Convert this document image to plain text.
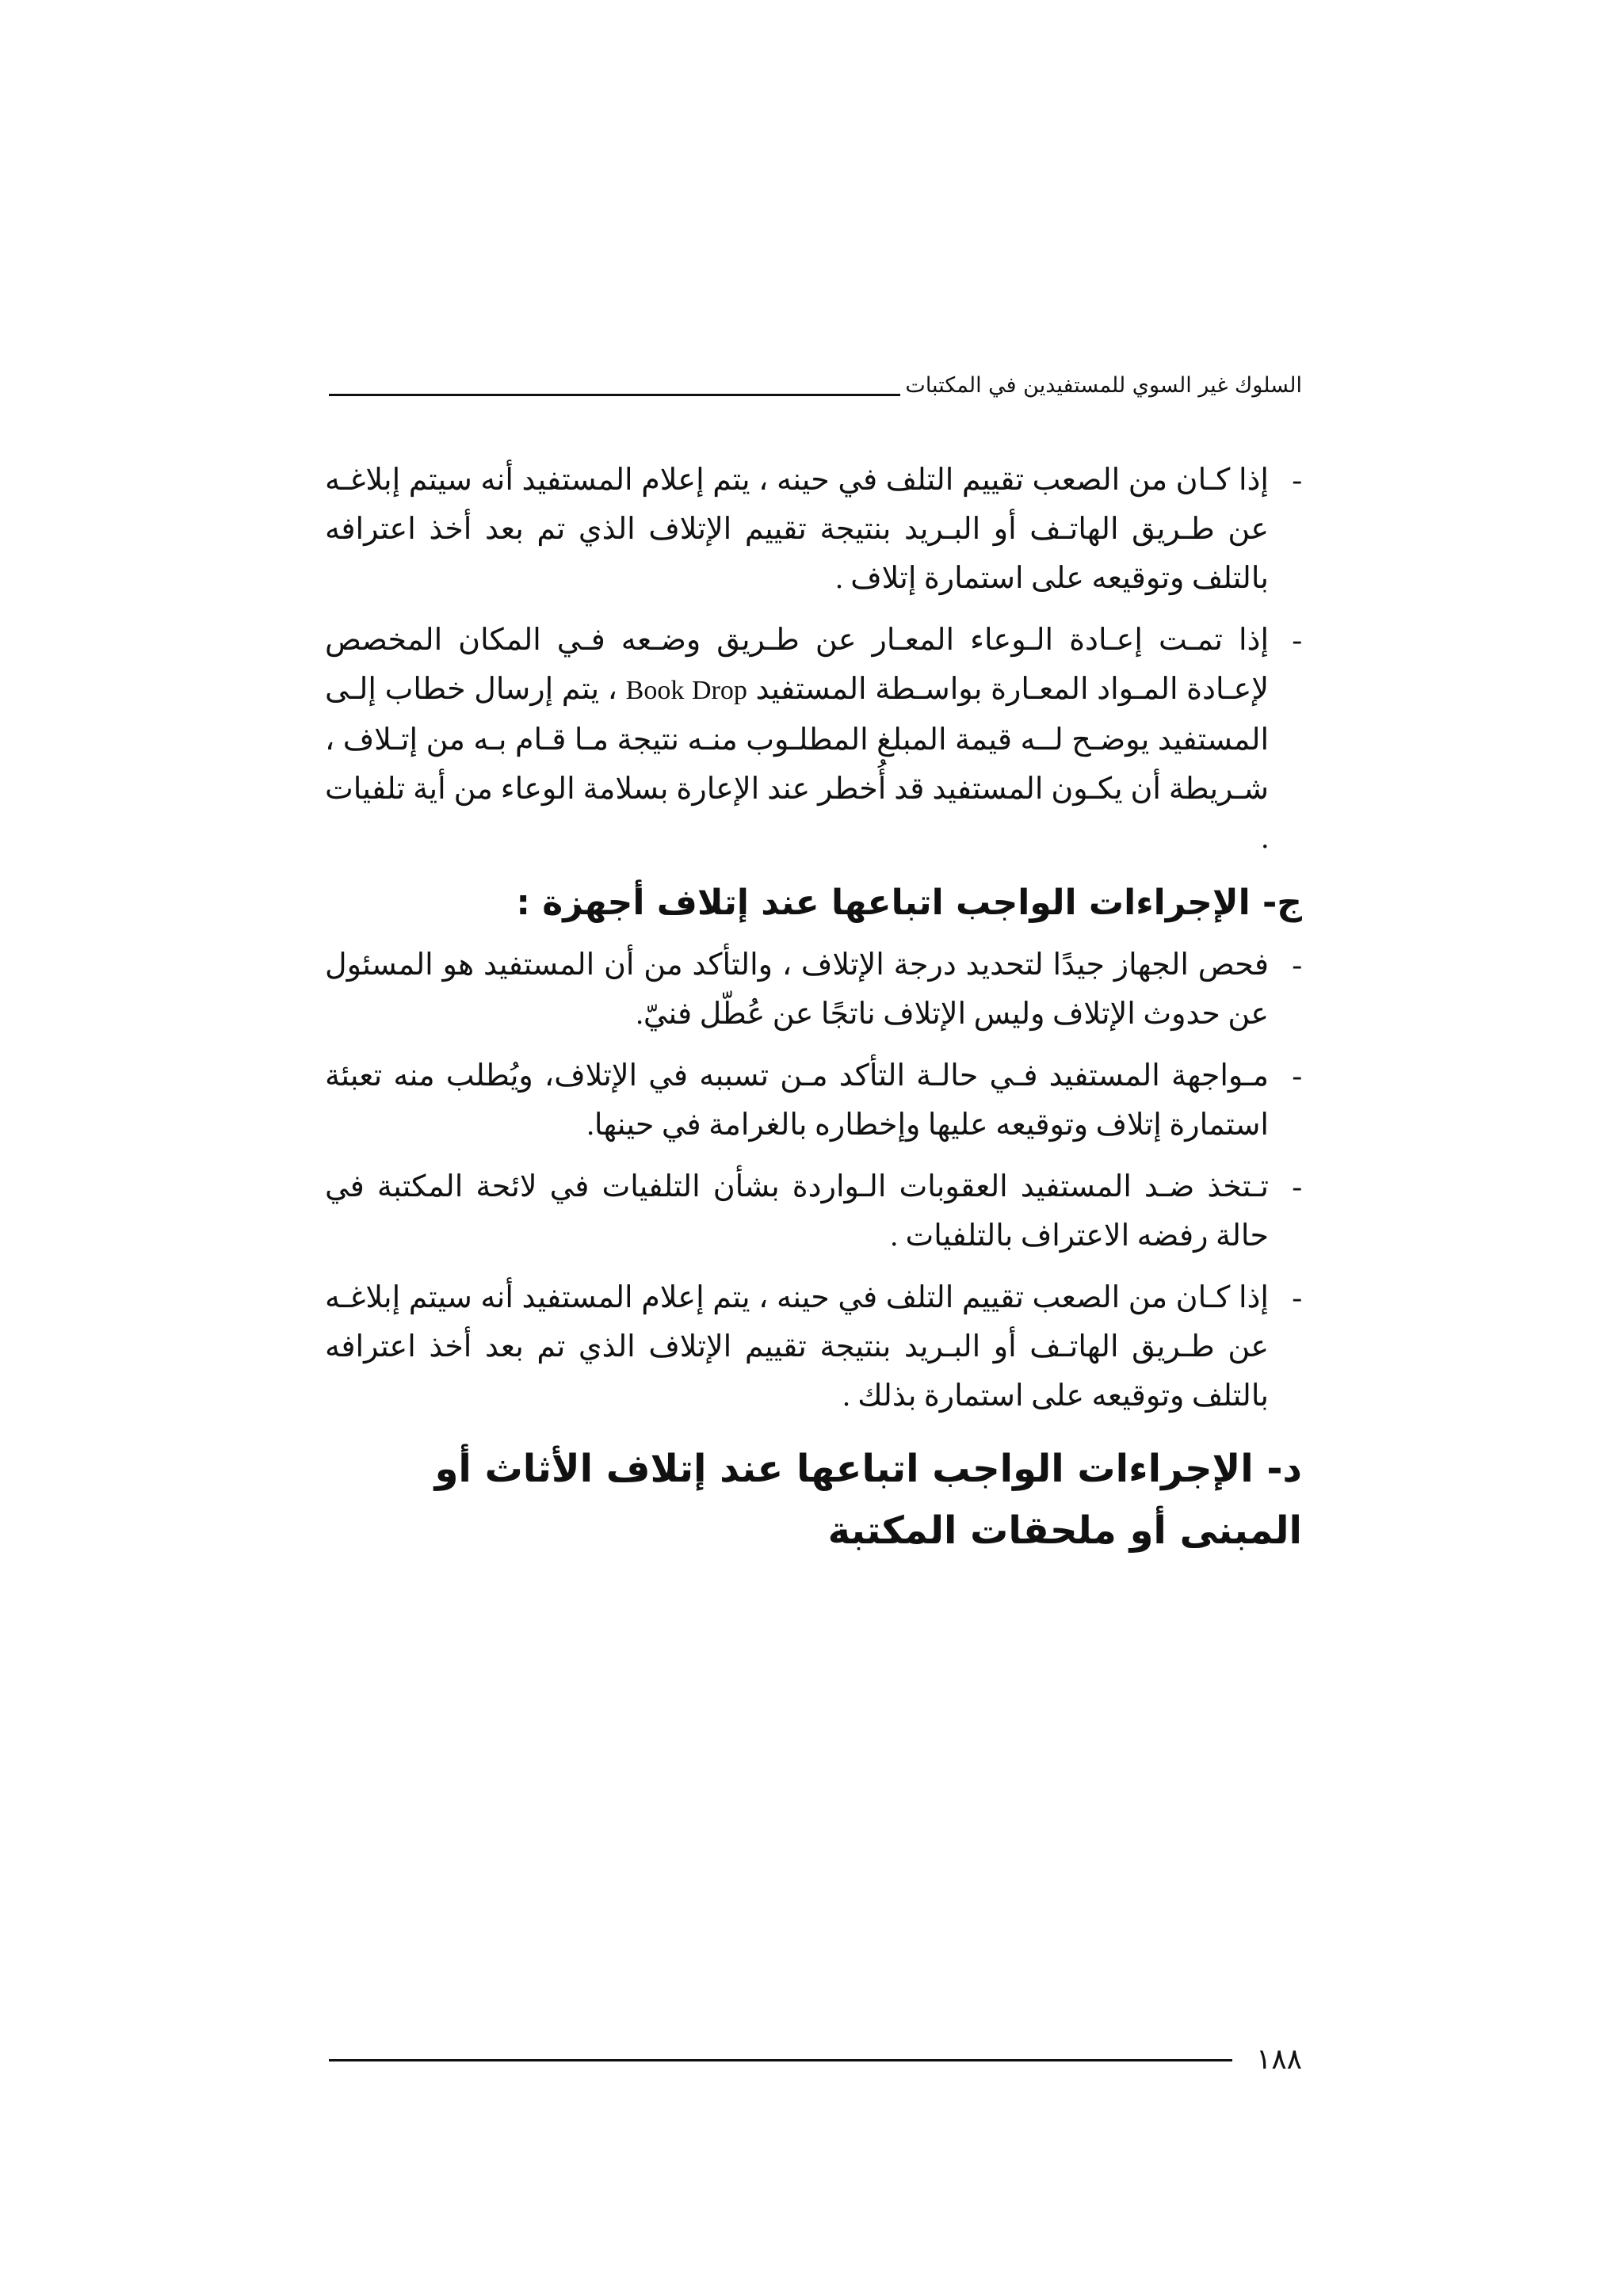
السلوك غير السوي للمستفيدين في المكتبات
-
إذا كـان من الصعب تقييم التلف في حينه ، يتم إعلام المستفيد أنه سيتم إبلاغـه عن طـريق الهاتـف أو البـريد بنتيجة تقييم الإتلاف الذي تم بعد أخذ اعترافه بالتلف وتوقيعه على استمارة إتلاف .
-
إذا تمـت إعـادة الـوعاء المعـار عن طـريق وضـعه فـي المكان المخصص لإعـادة المـواد المعـارة بواسـطة المستفيد Book Drop ، يتم إرسال خطاب إلـى المستفيد يوضـح لــه قيمة المبلغ المطلـوب منـه نتيجة مـا قـام بـه من إتـلاف ، شـريطة أن يكـون المستفيد قد أُخطر عند الإعارة بسلامة الوعاء من أية تلفيات .
ج- الإجراءات الواجب اتباعها عند إتلاف أجهزة :
-
فحص الجهاز جيدًا لتحديد درجة الإتلاف ، والتأكد من أن المستفيد هو المسئول عن حدوث الإتلاف وليس الإتلاف ناتجًا عن عُطّل فنيّ.
-
مـواجهة المستفيد فـي حالـة التأكد مـن تسببه في الإتلاف، ويُطلب منه تعبئة استمارة إتلاف وتوقيعه عليها وإخطاره بالغرامة في حينها.
-
تـتخذ ضـد المستفيد العقوبات الـواردة بشأن التلفيات في لائحة المكتبة في حالة رفضه الاعتراف بالتلفيات .
-
إذا كـان من الصعب تقييم التلف في حينه ، يتم إعلام المستفيد أنه سيتم إبلاغـه عن طـريق الهاتـف أو البـريد بنتيجة تقييم الإتلاف الذي تم بعد أخذ اعترافه بالتلف وتوقيعه على استمارة بذلك .
د- الإجراءات الواجب اتباعها عند إتلاف الأثاث أو المبنى أو ملحقات المكتبة
١٨٨
